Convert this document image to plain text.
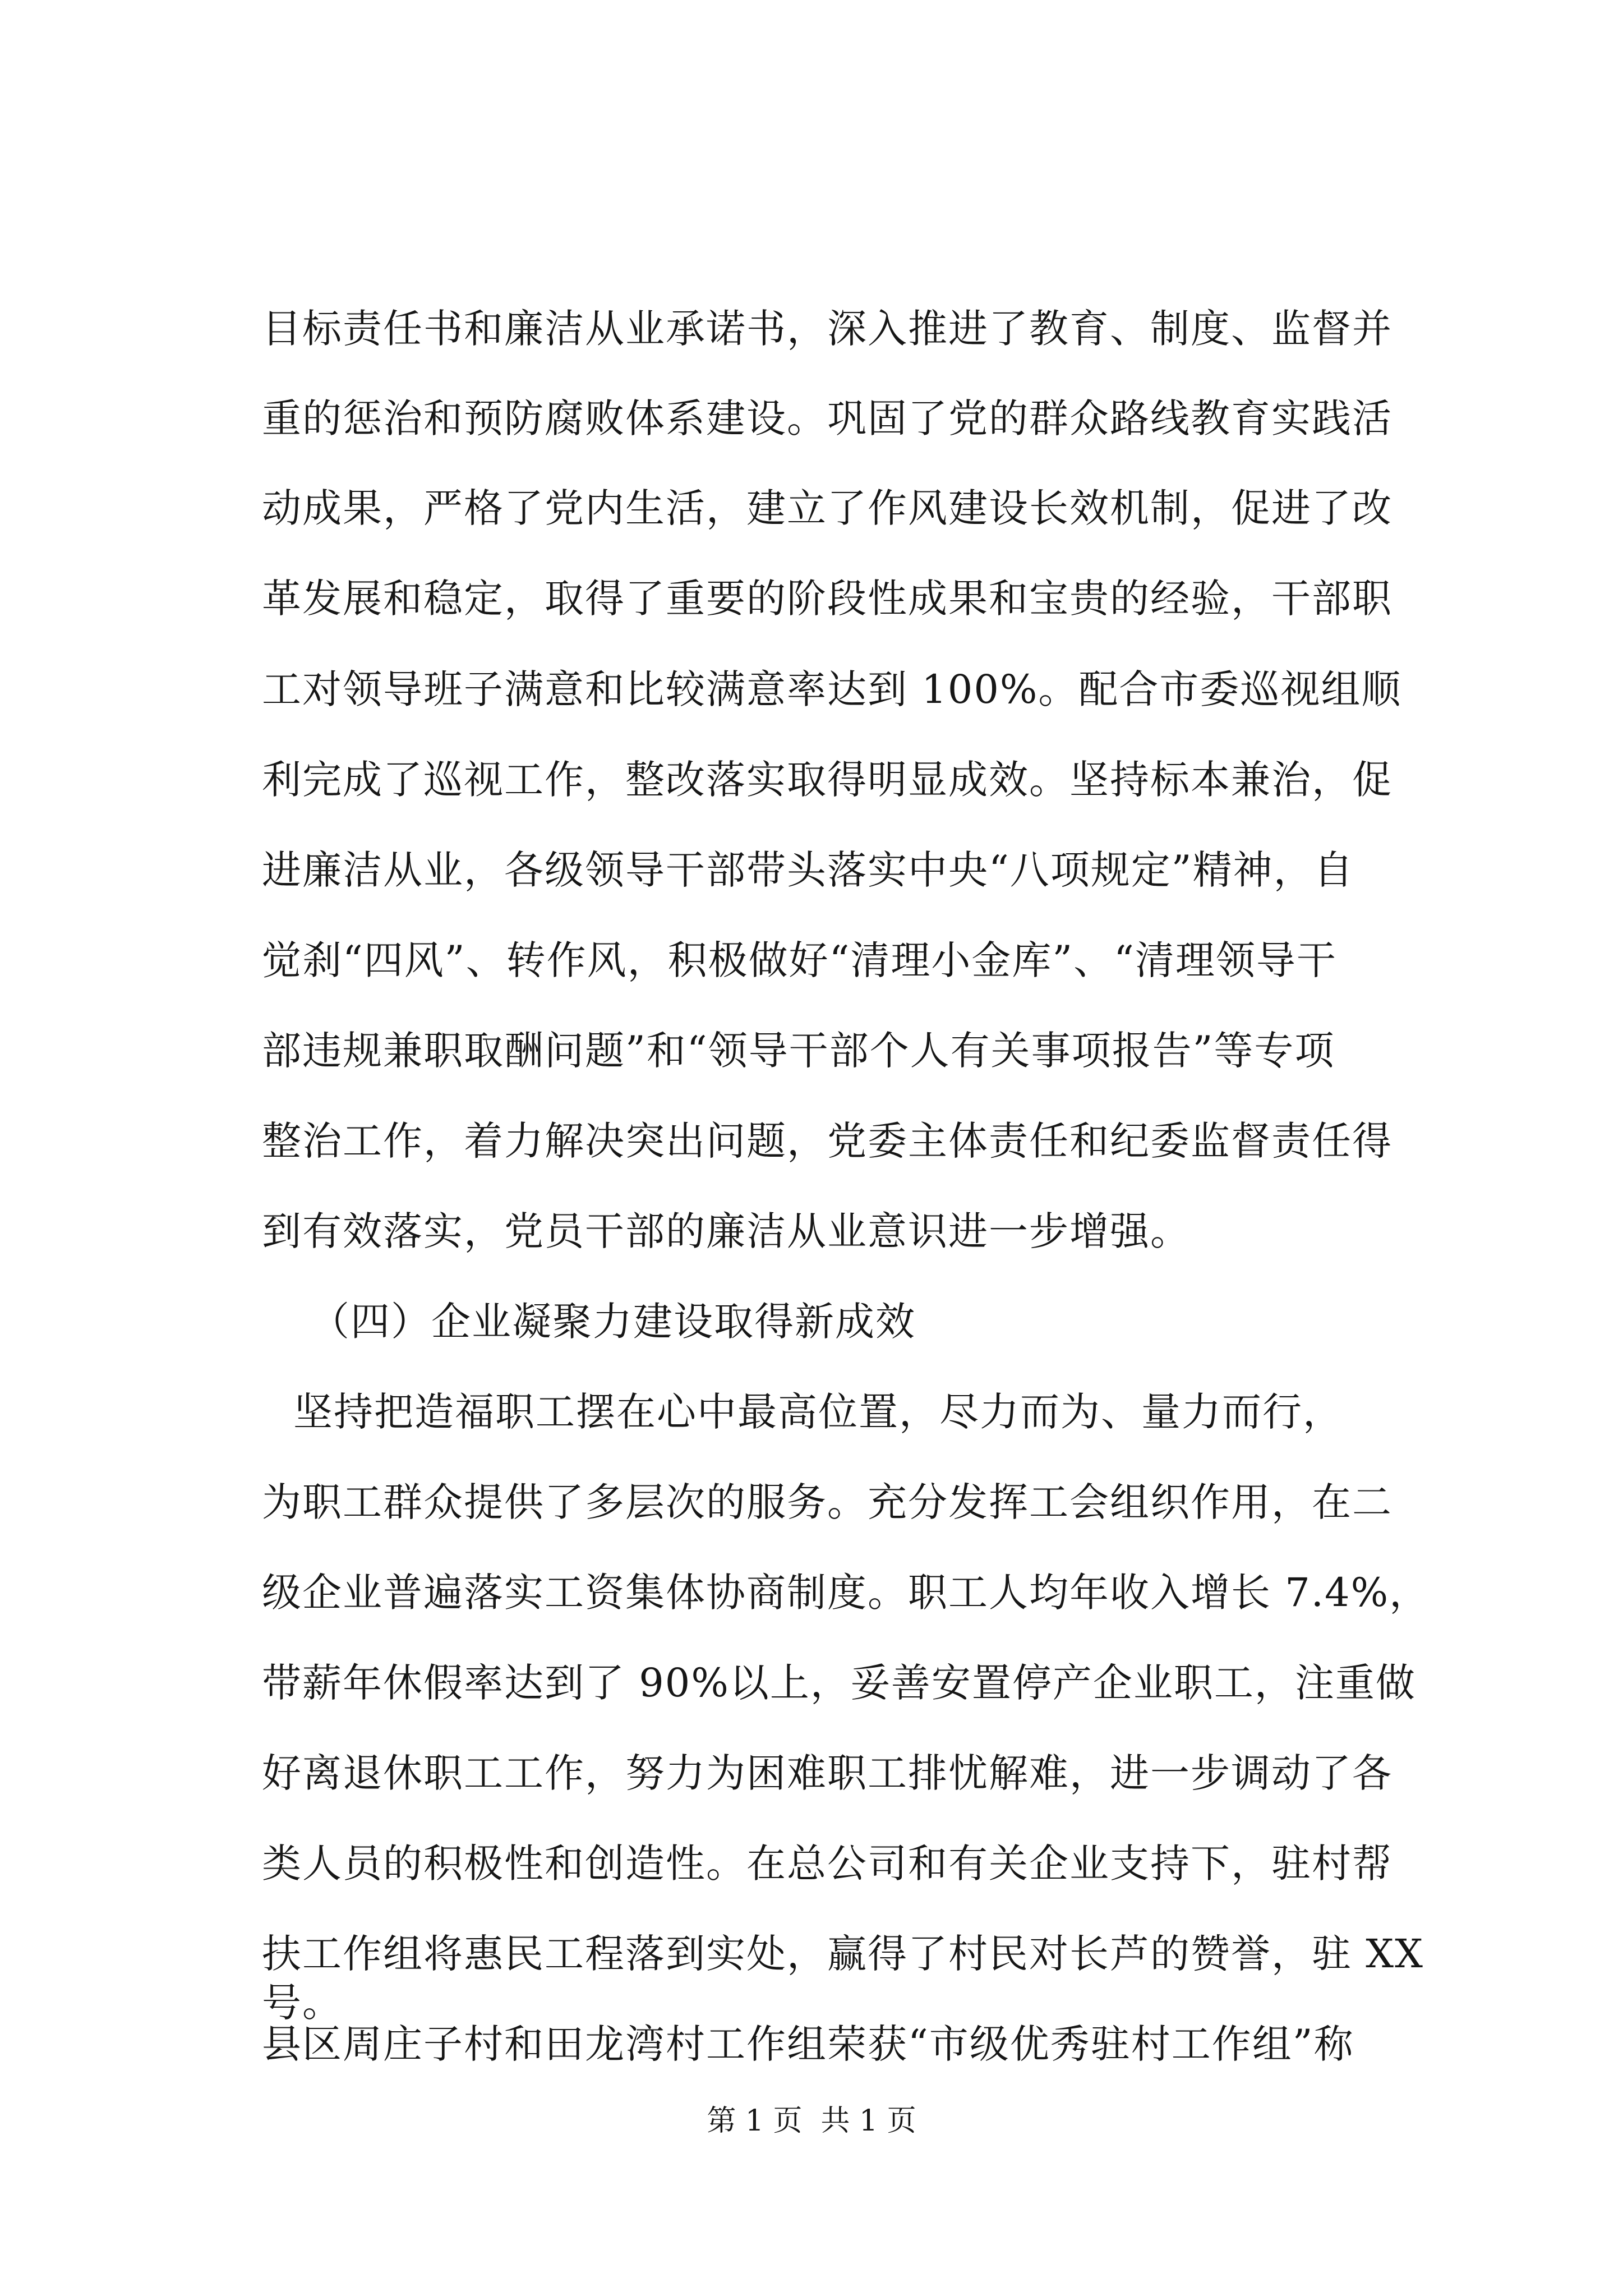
目标责任书和廉洁从业承诺书，深入推进了教育、制度、监督并

重的惩治和预防腐败体系建设。巩固了党的群众路线教育实践活

动成果，严格了党内生活，建立了作风建设长效机制，促进了改

革发展和稳定，取得了重要的阶段性成果和宝贵的经验，干部职

工对领导班子满意和比较满意率达到 100%。配合市委巡视组顺

利完成了巡视工作，整改落实取得明显成效。坚持标本兼治，促

进廉洁从业，各级领导干部带头落实中央“八项规定”精神，自

觉刹“四风”、转作风，积极做好“清理小金库”、“清理领导干

部违规兼职取酬问题”和“领导干部个人有关事项报告”等专项

整治工作，着力解决突出问题，党委主体责任和纪委监督责任得

到有效落实，党员干部的廉洁从业意识进一步增强。

（四）企业凝聚力建设取得新成效

坚持把造福职工摆在心中最高位置，尽力而为、量力而行，

为职工群众提供了多层次的服务。充分发挥工会组织作用，在二

级企业普遍落实工资集体协商制度。职工人均年收入增长 7.4%，

带薪年休假率达到了 90%以上，妥善安置停产企业职工，注重做

好离退休职工工作，努力为困难职工排忧解难，进一步调动了各

类人员的积极性和创造性。在总公司和有关企业支持下，驻村帮

扶工作组将惠民工程落到实处，赢得了村民对长芦的赞誉，驻 XX

县区周庄子村和田龙湾村工作组荣获“市级优秀驻村工作组”称

号。

第 1 页  共 1 页
